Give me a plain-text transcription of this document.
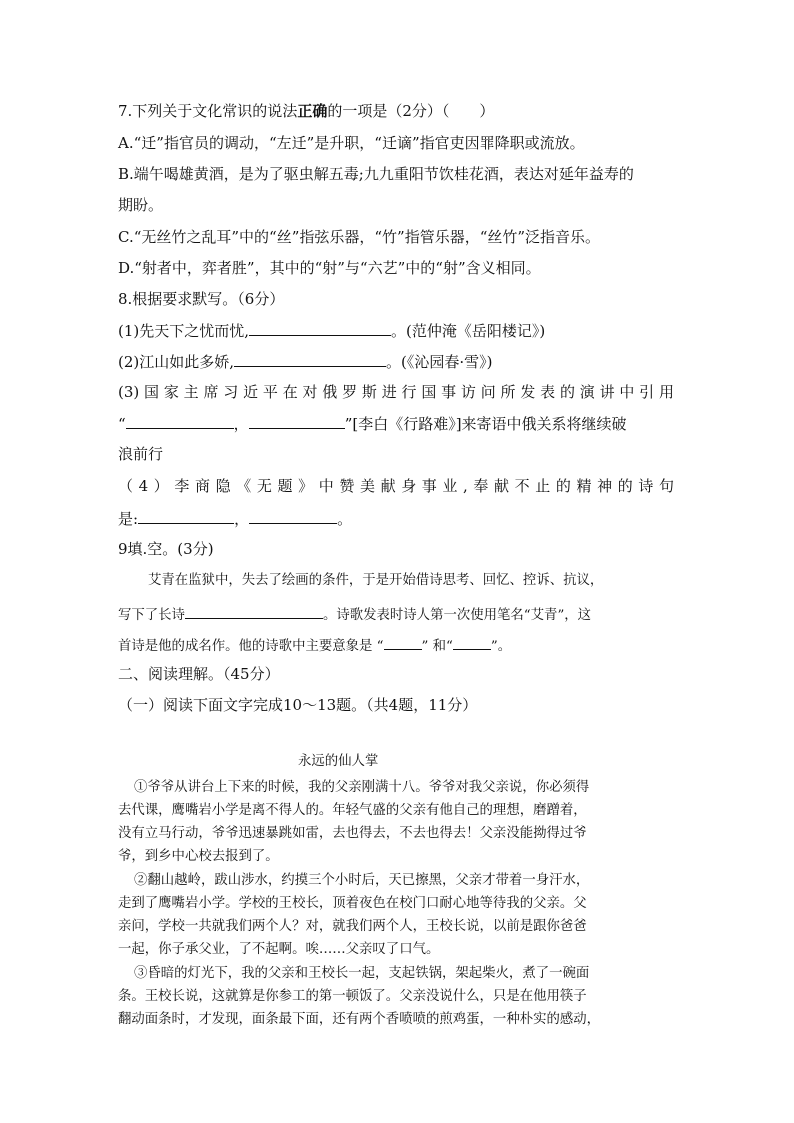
7.下列关于文化常识的说法正确的一项是（2分）（　　）
A.“迁”指官员的调动，“左迁”是升职，“迁谪”指官吏因罪降职或流放。
B.端午喝雄黄酒，是为了驱虫解五毒;九九重阳节饮桂花酒，表达对延年益寿的
期盼。
C.“无丝竹之乱耳”中的“丝”指弦乐器，“竹”指管乐器，“丝竹”泛指音乐。
D.“射者中，弈者胜”，其中的“射”与“六艺”中的“射”含义相同。
8.根据要求默写。（6分）
(1)先天下之忧而忧,	。(范仲淹《岳阳楼记》)
(2)江山如此多娇,	。(《沁园春·雪》)
(3)国家主席习近平在对俄罗斯进行国事访问所发表的演讲中引用
“	，	”[李白《行路难》]来寄语中俄关系将继续破
浪前行
（4）李商隐《无题》中赞美献身事业,奉献不止的精神的诗句
是:	，	。
9填.空。(3分)
艾青在监狱中，失去了绘画的条件，于是开始借诗思考、回忆、控诉、抗议，
写下了长诗	。诗歌发表时诗人第一次使用笔名“艾青”，这
首诗是他的成名作。他的诗歌中主要意象是 “	” 和“	”。
二、阅读理解。（45分）
（一）阅读下面文字完成10～13题。（共4题，11分）
永远的仙人掌
①爷爷从讲台上下来的时候，我的父亲刚满十八。爷爷对我父亲说，你必须得
去代课，鹰嘴岩小学是离不得人的。年轻气盛的父亲有他自己的理想，磨蹭着，
没有立马行动，爷爷迅速暴跳如雷，去也得去，不去也得去！父亲没能拗得过爷
爷，到乡中心校去报到了。
②翻山越岭，跋山涉水，约摸三个小时后，天已擦黑，父亲才带着一身汗水，
走到了鹰嘴岩小学。学校的王校长，顶着夜色在校门口耐心地等待我的父亲。父
亲问，学校一共就我们两个人？对，就我们两个人，王校长说，以前是跟你爸爸
一起，你子承父业，了不起啊。唉……父亲叹了口气。
③昏暗的灯光下，我的父亲和王校长一起，支起铁锅，架起柴火，煮了一碗面
条。王校长说，这就算是你参工的第一顿饭了。父亲没说什么，只是在他用筷子
翻动面条时，才发现，面条最下面，还有两个香喷喷的煎鸡蛋，一种朴实的感动，
